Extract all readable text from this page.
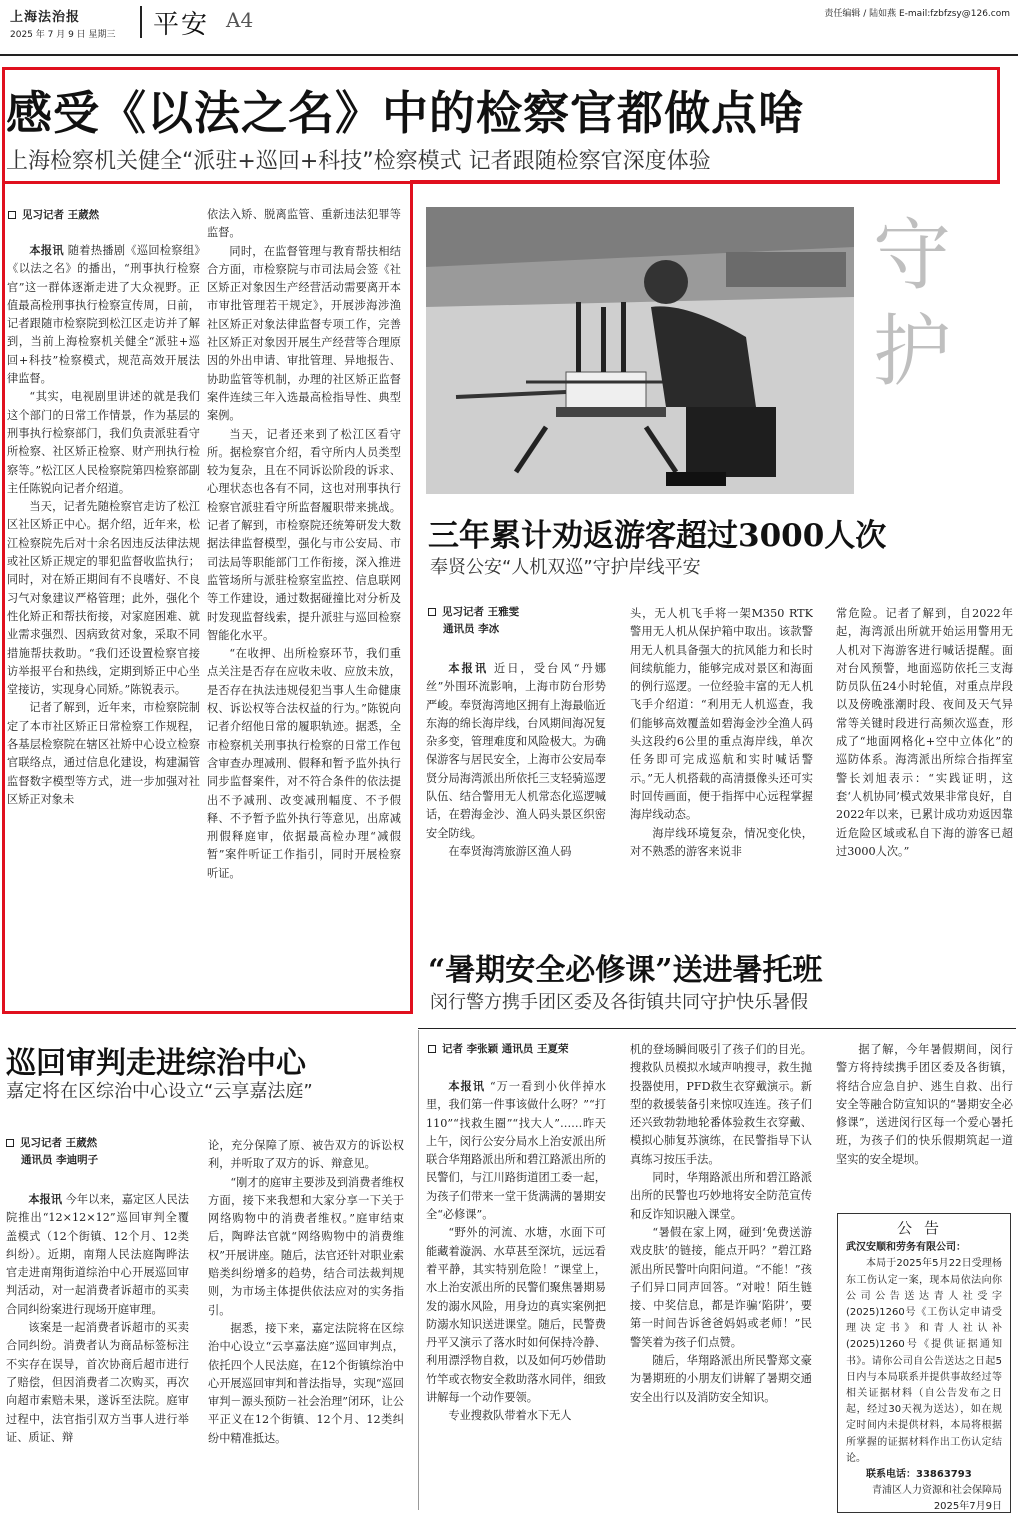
上海法治报
2025 年 7 月 9 日 星期三 平安 A4	责任编辑 / 陆如燕 E-mail:fzbfzsy@126.com
感受《以法之名》中的检察官都做点啥
上海检察机关健全“派驻+巡回+科技”检察模式 记者跟随检察官深度体验
见习记者 王葳然

本报讯 随着热播剧《巡回检察组》《以法之名》的播出，“刑事执行检察官”这一群体逐渐走进了大众视野。正值最高检刑事执行检察宣传周，日前，记者跟随市检察院到松江区走访并了解到，当前上海检察机关健全“派驻+巡回+科技”检察模式，规范高效开展法律监督。

“其实，电视剧里讲述的就是我们这个部门的日常工作情景，作为基层的刑事执行检察部门，我们负责派驻看守所检察、社区矫正检察、财产刑执行检察等。”松江区人民检察院第四检察部副主任陈锐向记者介绍道。

当天，记者先随检察官走访了松江区社区矫正中心。据介绍，近年来，松江检察院先后对十余名因违反法律法规或社区矫正规定的罪犯监督收监执行；同时，对在矫正期间有不良嗜好、不良习气对象建议严格管理；此外，强化个性化矫正和帮扶衔接，对家庭困难、就业需求强烈、因病致贫对象，采取不同措施帮扶救助。“我们还设置检察官接访举报平台和热线，定期到矫正中心坐堂接访，实现身心同矫。”陈锐表示。

记者了解到，近年来，市检察院制定了本市社区矫正日常检察工作规程，各基层检察院在辖区社矫中心设立检察官联络点，通过信息化建设，构建漏管监督数字模型等方式，进一步加强对社区矫正对象未

依法入矫、脱离监管、重新违法犯罪等监督。

同时，在监督管理与教育帮扶相结合方面，市检察院与市司法局会签《社区矫正对象因生产经营活动需要离开本市审批管理若干规定》，开展涉海涉渔社区矫正对象法律监督专项工作，完善社区矫正对象因开展生产经营等合理原因的外出申请、审批管理、异地报告、协助监管等机制，办理的社区矫正监督案件连续三年入选最高检指导性、典型案例。

当天，记者还来到了松江区看守所。据检察官介绍，看守所内人员类型较为复杂，且在不同诉讼阶段的诉求、心理状态也各有不同，这也对刑事执行检察官派驻看守所监督履职带来挑战。记者了解到，市检察院还统筹研发大数据法律监督模型，强化与市公安局、市司法局等职能部门工作衔接，深入推进监管场所与派驻检察室监控、信息联网等工作建设，通过数据碰撞比对分析及时发现监督线索，提升派驻与巡回检察智能化水平。

“在收押、出所检察环节，我们重点关注是否存在应收未收、应放未放，是否存在执法违规侵犯当事人生命健康权、诉讼权等合法权益的行为。”陈锐向记者介绍他日常的履职轨迹。据悉，全市检察机关刑事执行检察的日常工作包含审查办理减刑、假释和暂予监外执行同步监督案件，对不符合条件的依法提出不予减刑、改变减刑幅度、不予假释、不予暂予监外执行等意见，出席减刑假释庭审，依据最高检办理“减假暂”案件听证工作指引，同时开展检察听证。

守护
三年累计劝返游客超过3000人次
奉贤公安“人机双巡”守护岸线平安
见习记者 王雅雯
通讯员 李冰

本报讯 近日，受台风“丹娜丝”外围环流影响，上海市防台形势严峻。奉贤海湾地区拥有上海最临近东海的绵长海岸线，台风期间海况复杂多变，管理难度和风险极大。为确保游客与居民安全，上海市公安局奉贤分局海湾派出所依托三支轻骑巡逻队伍、结合警用无人机常态化巡逻喊话，在碧海金沙、渔人码头景区织密安全防线。

在奉贤海湾旅游区渔人码

头，无人机飞手将一架M350 RTK警用无人机从保护箱中取出。该款警用无人机具备强大的抗风能力和长时间续航能力，能够完成对景区和海面的例行巡逻。一位经验丰富的无人机飞手介绍道：“利用无人机巡查，我们能够高效覆盖如碧海金沙全渔人码头这段约6公里的重点海岸线，单次任务即可完成巡航和实时喊话警示。”无人机搭载的高清摄像头还可实时回传画面，便于指挥中心远程掌握海岸线动态。

海岸线环境复杂，情况变化快，对不熟悉的游客来说非

常危险。记者了解到，自2022年起，海湾派出所就开始运用警用无人机对下海游客进行喊话提醒。面对台风预警，地面巡防依托三支海防员队伍24小时轮值，对重点岸段以及傍晚涨潮时段、夜间及天气异常等关键时段进行高频次巡查，形成了“地面网格化+空中立体化”的巡防体系。海湾派出所综合指挥室警长刘旭表示：“实践证明，这套‘人机协同’模式效果非常良好，自2022年以来，已累计成功劝返因靠近危险区域或私自下海的游客已超过3000人次。”

“暑期安全必修课”送进暑托班
闵行警方携手团区委及各街镇共同守护快乐暑假
记者 李张颖 通讯员 王夏荣

本报讯 “万一看到小伙伴掉水里，我们第一件事该做什么呀？”“打110”“找救生圈”“找大人”……昨天上午，闵行公安分局水上治安派出所联合华翔路派出所和碧江路派出所的民警们，与江川路街道团工委一起，为孩子们带来一堂干货满满的暑期安全“必修课”。

“野外的河流、水塘，水面下可能藏着漩涡、水草甚至深坑，远远看着平静，其实特别危险！”课堂上，水上治安派出所的民警们聚焦暑期易发的溺水风险，用身边的真实案例把防溺水知识送进课堂。随后，民警费丹平又演示了落水时如何保持冷静、利用漂浮物自救，以及如何巧妙借助竹竿或衣物安全救助落水同伴，细致讲解每一个动作要领。

专业搜救队带着水下无人

机的登场瞬间吸引了孩子们的目光。搜救队员模拟水域声呐搜寻，救生抛投器使用，PFD救生衣穿戴演示。新型的救援装备引来惊叹连连。孩子们还兴致勃勃地轮番体验救生衣穿戴、模拟心肺复苏演练，在民警指导下认真练习按压手法。

同时，华翔路派出所和碧江路派出所的民警也巧妙地将安全防范宣传和反诈知识融入课堂。

“暑假在家上网，碰到‘免费送游戏皮肤’的链接，能点开吗？”碧江路派出所民警叶向阳问道。“不能！”孩子们异口同声回答。“对啦！陌生链接、中奖信息，都是诈骗‘陷阱’，要第一时间告诉爸爸妈妈或老师！”民警笑着为孩子们点赞。

随后，华翔路派出所民警郑文豪为暑期班的小朋友们讲解了暑期交通安全出行以及消防安全知识。

据了解，今年暑假期间，闵行警方将持续携手团区委及各街镇，将结合应急自护、逃生自救、出行安全等融合防宣知识的“暑期安全必修课”，送进闵行区每一个爱心暑托班，为孩子们的快乐假期筑起一道坚实的安全堤坝。

公告
武汉安顺和劳务有限公司：
本局于2025年5月22日受理杨东工伤认定一案，现本局依法向你公司公告送达青人社受字(2025)1260号《工伤认定申请受理决定书》和青人社认补(2025)1260号《提供证据通知书》。请你公司自公告送达之日起5日内与本局联系并提供事故经过等相关证据材料（自公告发布之日起，经过30天视为送达），如在规定时间内未提供材料，本局将根据所掌握的证据材料作出工伤认定结论。
联系电话：33863793
青浦区人力资源和社会保障局
2025年7月9日
巡回审判走进综治中心
嘉定将在区综治中心设立“云享嘉法庭”
见习记者 王葳然
通讯员 李迪明子

本报讯 今年以来，嘉定区人民法院推出“12×12×12”巡回审判全覆盖模式（12个街镇、12个月、12类纠纷）。近期，南翔人民法庭陶晔法官走进南翔街道综治中心开展巡回审判活动，对一起消费者诉超市的买卖合同纠纷案进行现场开庭审理。

该案是一起消费者诉超市的买卖合同纠纷。消费者认为商品标签标注不实存在误导，首次协商后超市进行了赔偿，但因消费者二次购买，再次向超市索赔未果，遂诉至法院。庭审过程中，法官指引双方当事人进行举证、质证、辩

论，充分保障了原、被告双方的诉讼权利，并听取了双方的诉、辩意见。

“刚才的庭审主要涉及到消费者维权方面，接下来我想和大家分享一下关于网络购物中的消费者维权。”庭审结束后，陶晔法官就“网络购物中的消费维权”开展讲座。随后，法官还针对职业索赔类纠纷增多的趋势，结合司法裁判规则，为市场主体提供依法应对的实务指引。

据悉，接下来，嘉定法院将在区综治中心设立“云享嘉法庭”巡回审判点，依托四个人民法庭，在12个街镇综治中心开展巡回审判和普法指导，实现“巡回审判－源头预防－社会治理”闭环，让公平正义在12个街镇、12个月、12类纠纷中精准抵达。
